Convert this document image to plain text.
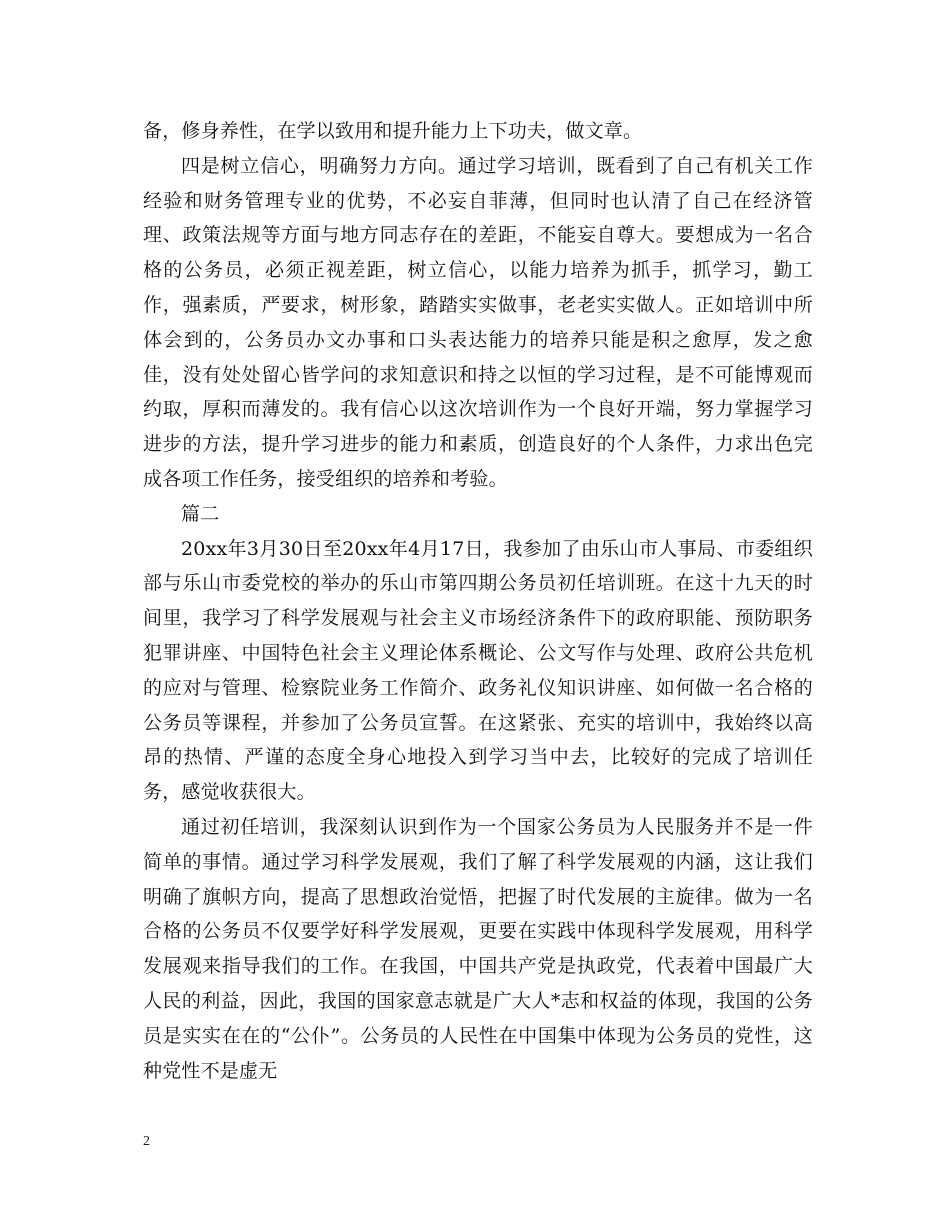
备，修身养性，在学以致用和提升能力上下功夫，做文章。

四是树立信心，明确努力方向。通过学习培训，既看到了自己有机关工作经验和财务管理专业的优势，不必妄自菲薄，但同时也认清了自己在经济管理、政策法规等方面与地方同志存在的差距，不能妄自尊大。要想成为一名合格的公务员，必须正视差距，树立信心，以能力培养为抓手，抓学习，勤工作，强素质，严要求，树形象，踏踏实实做事，老老实实做人。正如培训中所体会到的，公务员办文办事和口头表达能力的培养只能是积之愈厚，发之愈佳，没有处处留心皆学问的求知意识和持之以恒的学习过程，是不可能博观而约取，厚积而薄发的。我有信心以这次培训作为一个良好开端，努力掌握学习进步的方法，提升学习进步的能力和素质，创造良好的个人条件，力求出色完成各项工作任务，接受组织的培养和考验。

篇二

20xx年3月30日至20xx年4月17日，我参加了由乐山市人事局、市委组织部与乐山市委党校的举办的乐山市第四期公务员初任培训班。在这十九天的时间里，我学习了科学发展观与社会主义市场经济条件下的政府职能、预防职务犯罪讲座、中国特色社会主义理论体系概论、公文写作与处理、政府公共危机的应对与管理、检察院业务工作简介、政务礼仪知识讲座、如何做一名合格的公务员等课程，并参加了公务员宣誓。在这紧张、充实的培训中，我始终以高昂的热情、严谨的态度全身心地投入到学习当中去，比较好的完成了培训任务，感觉收获很大。

通过初任培训，我深刻认识到作为一个国家公务员为人民服务并不是一件简单的事情。通过学习科学发展观，我们了解了科学发展观的内涵，这让我们明确了旗帜方向，提高了思想政治觉悟，把握了时代发展的主旋律。做为一名合格的公务员不仅要学好科学发展观，更要在实践中体现科学发展观，用科学发展观来指导我们的工作。在我国，中国共产党是执政党，代表着中国最广大人民的利益，因此，我国的国家意志就是广大人*志和权益的体现，我国的公务员是实实在在的“公仆”。公务员的人民性在中国集中体现为公务员的党性，这种党性不是虚无

2
